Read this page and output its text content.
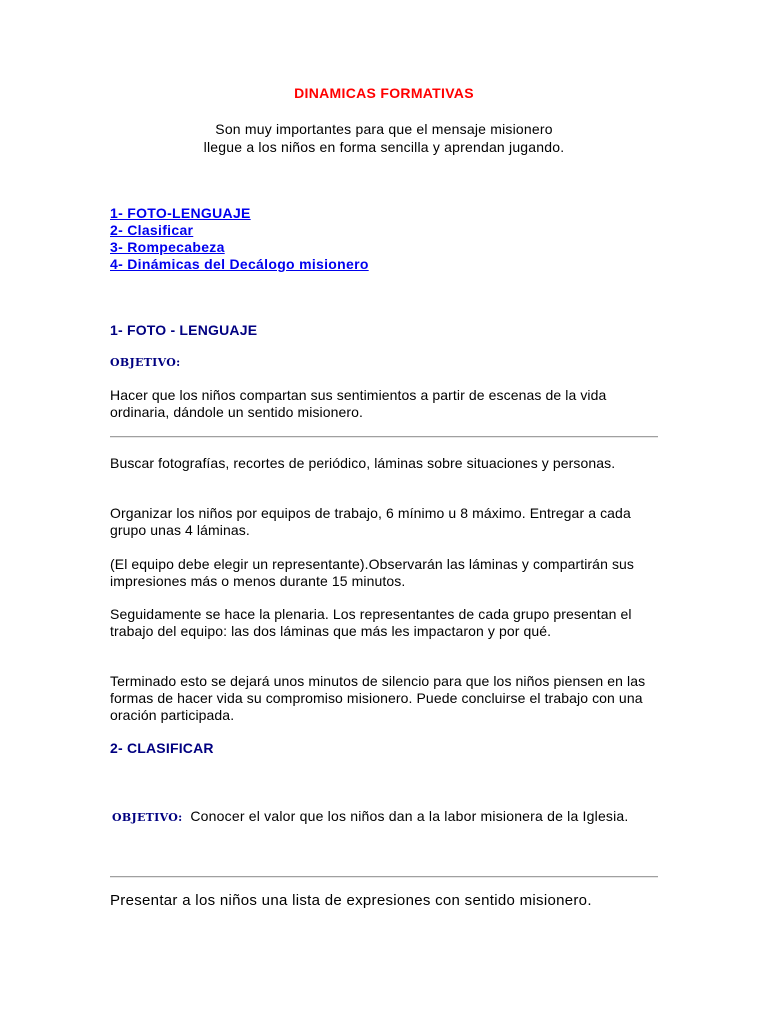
DINAMICAS FORMATIVAS
Son muy importantes para que el mensaje misionero
llegue a los niños en forma sencilla y aprendan jugando.
1- FOTO-LENGUAJE
2- Clasificar
3- Rompecabeza
4- Dinámicas del Decálogo misionero
1- FOTO - LENGUAJE
OBJETIVO:
Hacer que los niños compartan sus sentimientos a partir de escenas de la vida ordinaria, dándole un sentido misionero.
Buscar fotografías, recortes de periódico, láminas sobre situaciones y personas.
Organizar los niños por equipos de trabajo, 6 mínimo u 8 máximo. Entregar a cada grupo unas 4 láminas.
(El equipo debe elegir un representante).Observarán las láminas y compartirán sus impresiones más o menos durante 15 minutos.
Seguidamente se hace la plenaria. Los representantes de cada grupo presentan el trabajo del equipo: las dos láminas que más les impactaron y por qué.
Terminado esto se dejará unos minutos de silencio para que los niños piensen en las formas de hacer vida su compromiso misionero. Puede concluirse el trabajo con una oración participada.
2- CLASIFICAR
OBJETIVO: Conocer el valor que los niños dan a la labor misionera de la Iglesia.
Presentar a los niños una lista de expresiones con sentido misionero.
